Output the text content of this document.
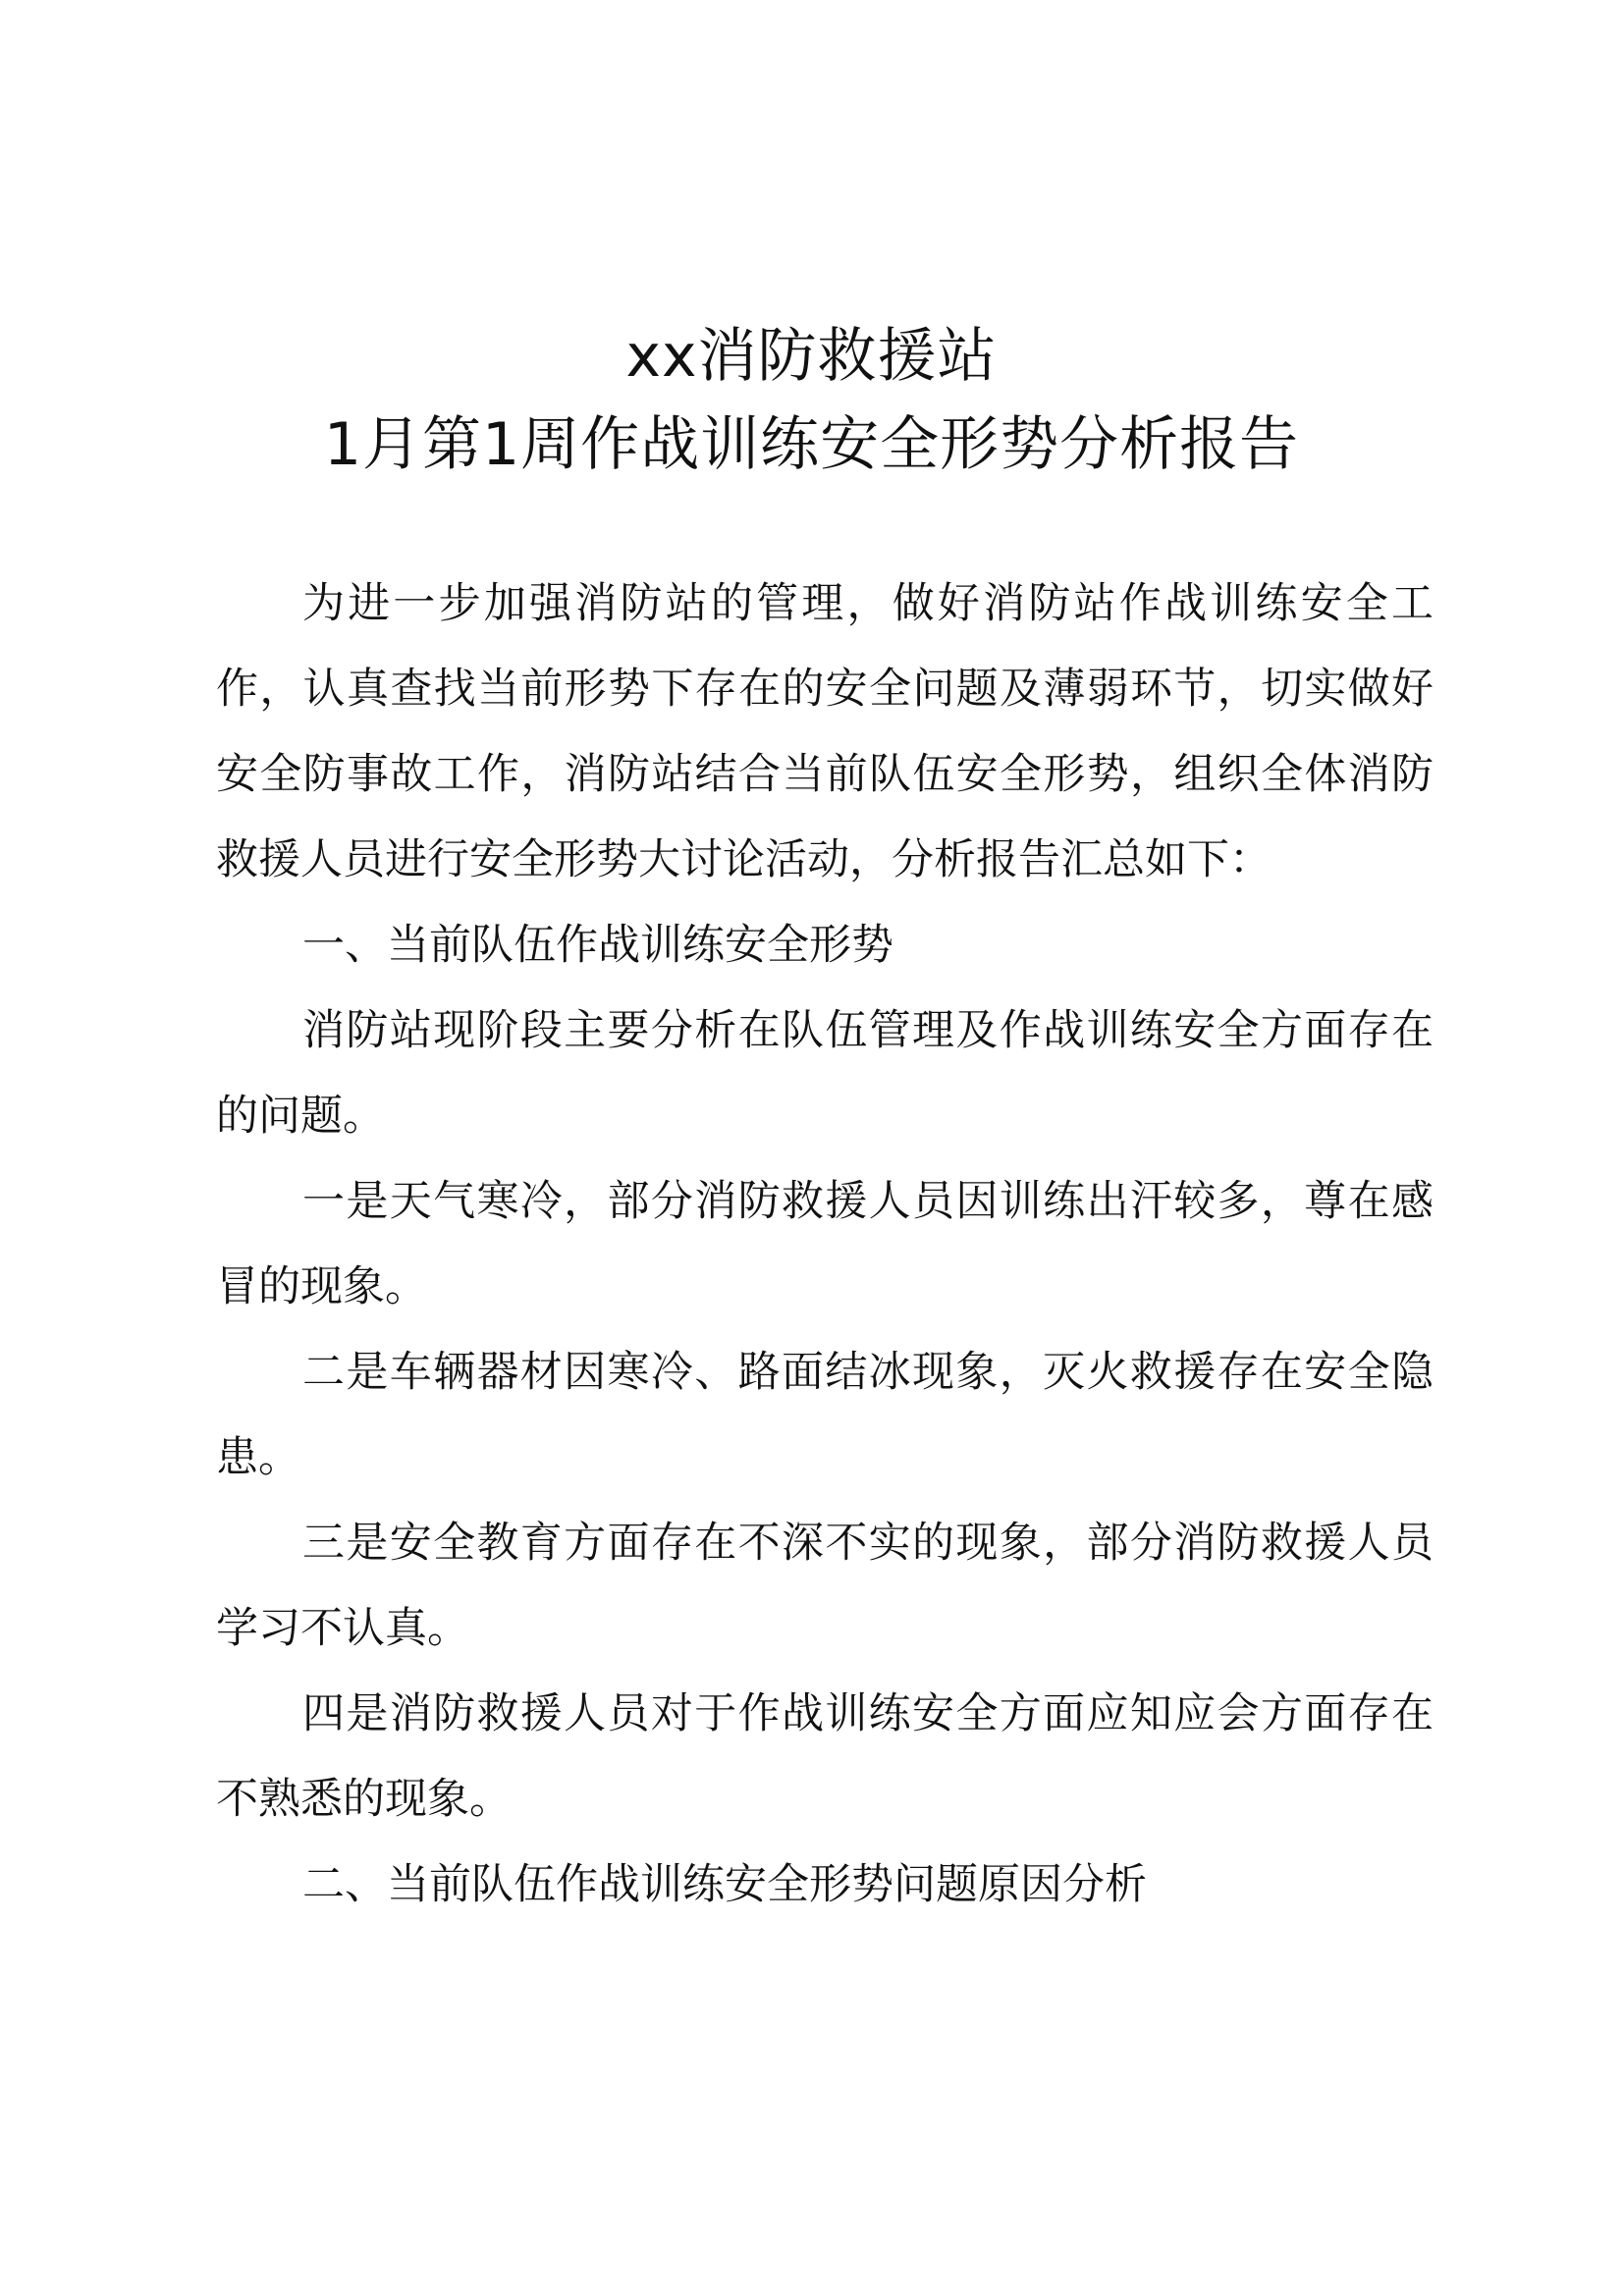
xx消防救援站
1月第1周作战训练安全形势分析报告

为进一步加强消防站的管理，做好消防站作战训练安全工作，认真查找当前形势下存在的安全问题及薄弱环节，切实做好安全防事故工作，消防站结合当前队伍安全形势，组织全体消防救援人员进行安全形势大讨论活动，分析报告汇总如下：

一、当前队伍作战训练安全形势

消防站现阶段主要分析在队伍管理及作战训练安全方面存在的问题。

一是天气寒冷，部分消防救援人员因训练出汗较多，尊在感冒的现象。

二是车辆器材因寒冷、路面结冰现象，灭火救援存在安全隐患。

三是安全教育方面存在不深不实的现象，部分消防救援人员学习不认真。

四是消防救援人员对于作战训练安全方面应知应会方面存在不熟悉的现象。

二、当前队伍作战训练安全形势问题原因分析
